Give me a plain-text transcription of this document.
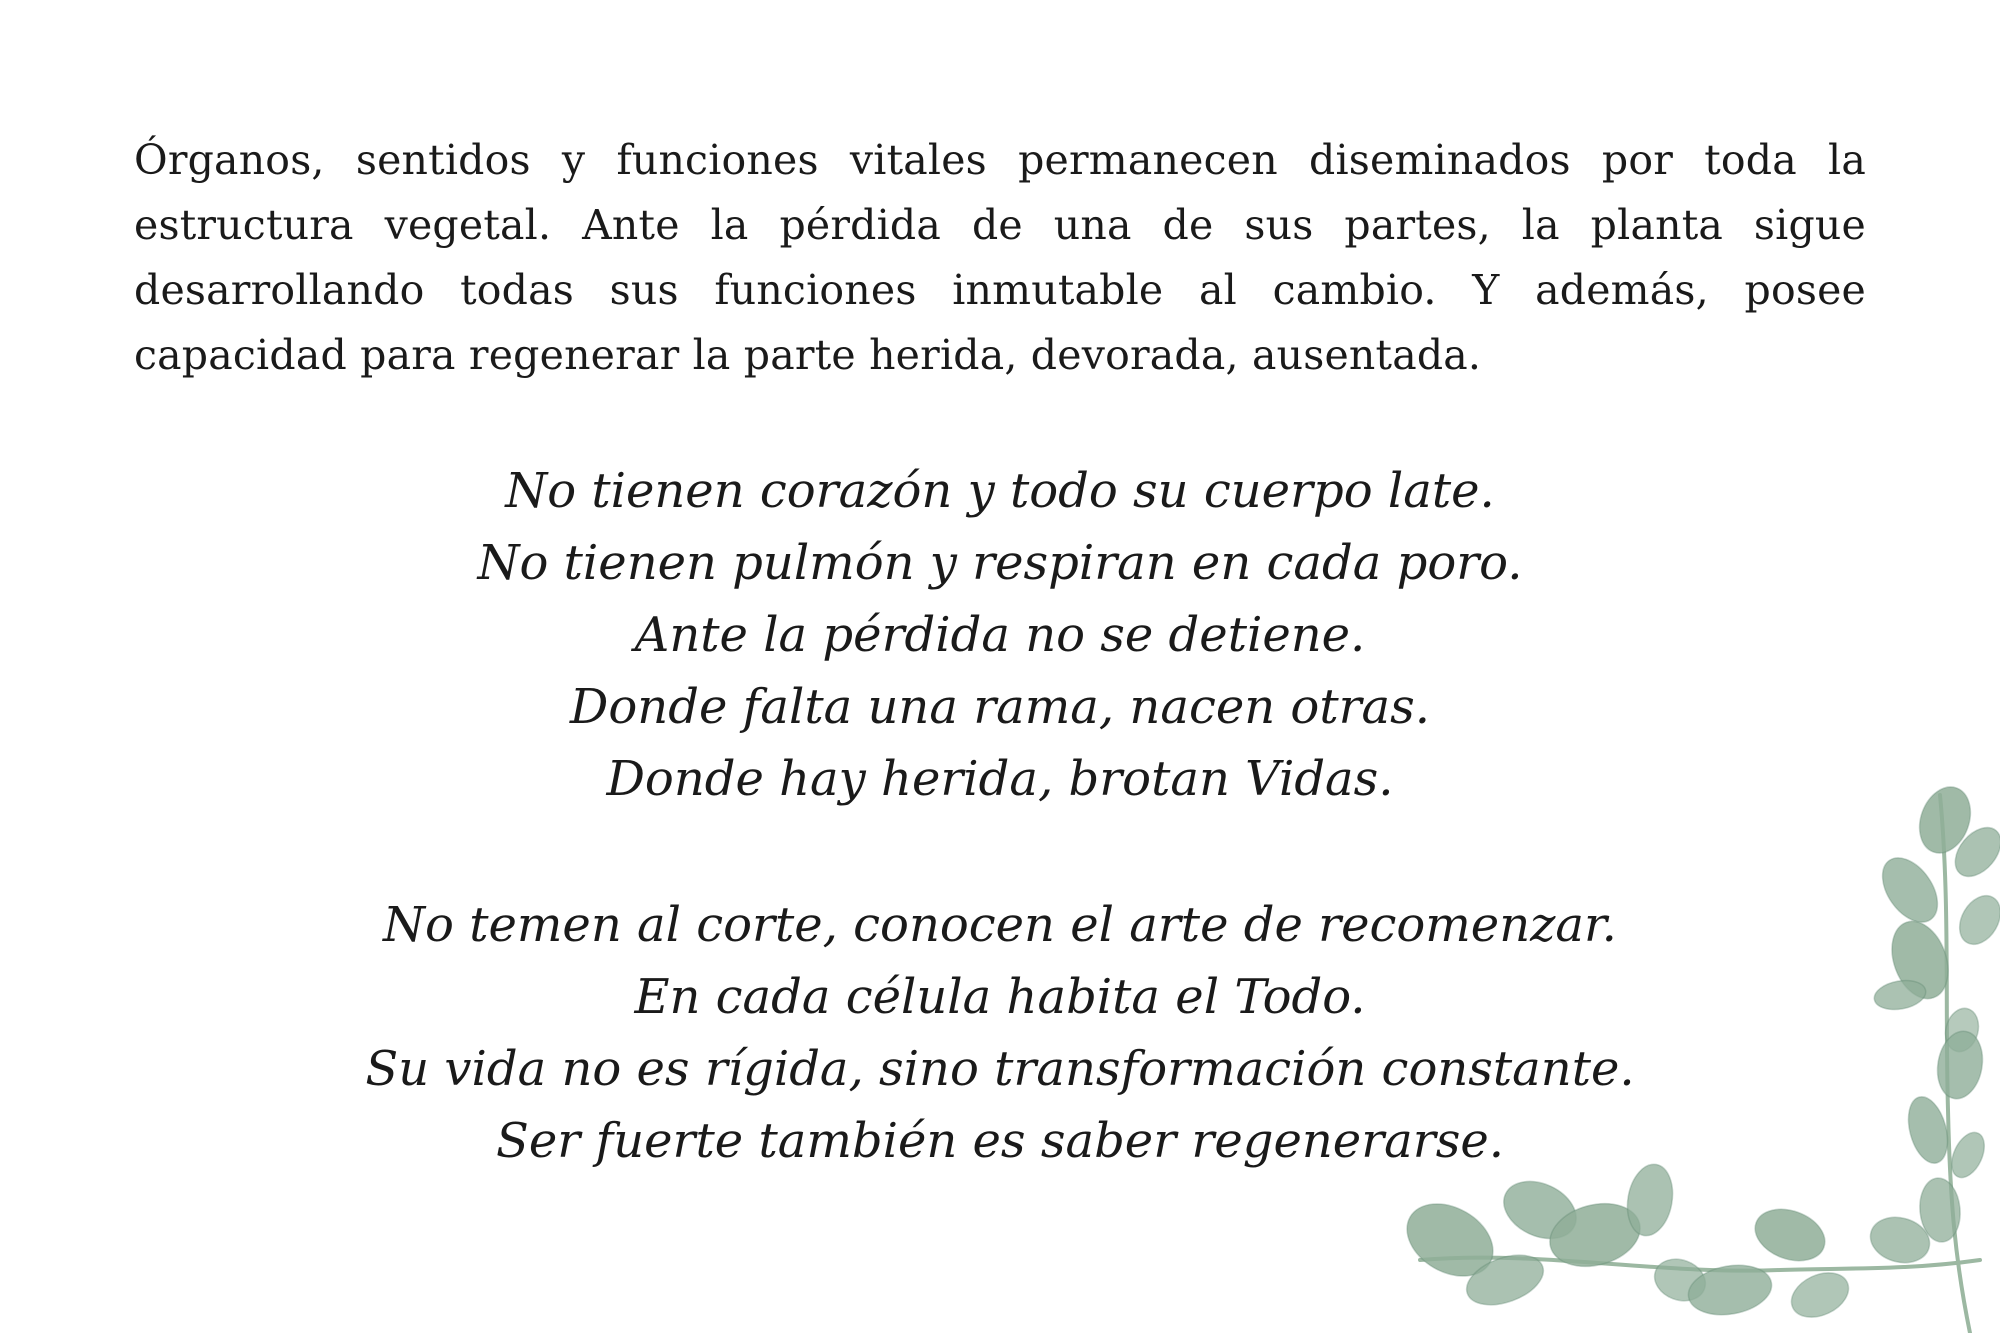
Órganos, sentidos y funciones vitales permanecen diseminados por toda la estructura vegetal. Ante la pérdida de una de sus partes, la planta sigue desarrollando todas sus funciones inmutable al cambio. Y además, posee capacidad para regenerar la parte herida, devorada, ausentada.

No tienen corazón y todo su cuerpo late.
No tienen pulmón y respiran en cada poro.
Ante la pérdida no se detiene.
Donde falta una rama, nacen otras.
Donde hay herida, brotan Vidas.
No temen al corte, conocen el arte de recomenzar.
En cada célula habita el Todo.
Su vida no es rígida, sino transformación constante.
Ser fuerte también es saber regenerarse.
